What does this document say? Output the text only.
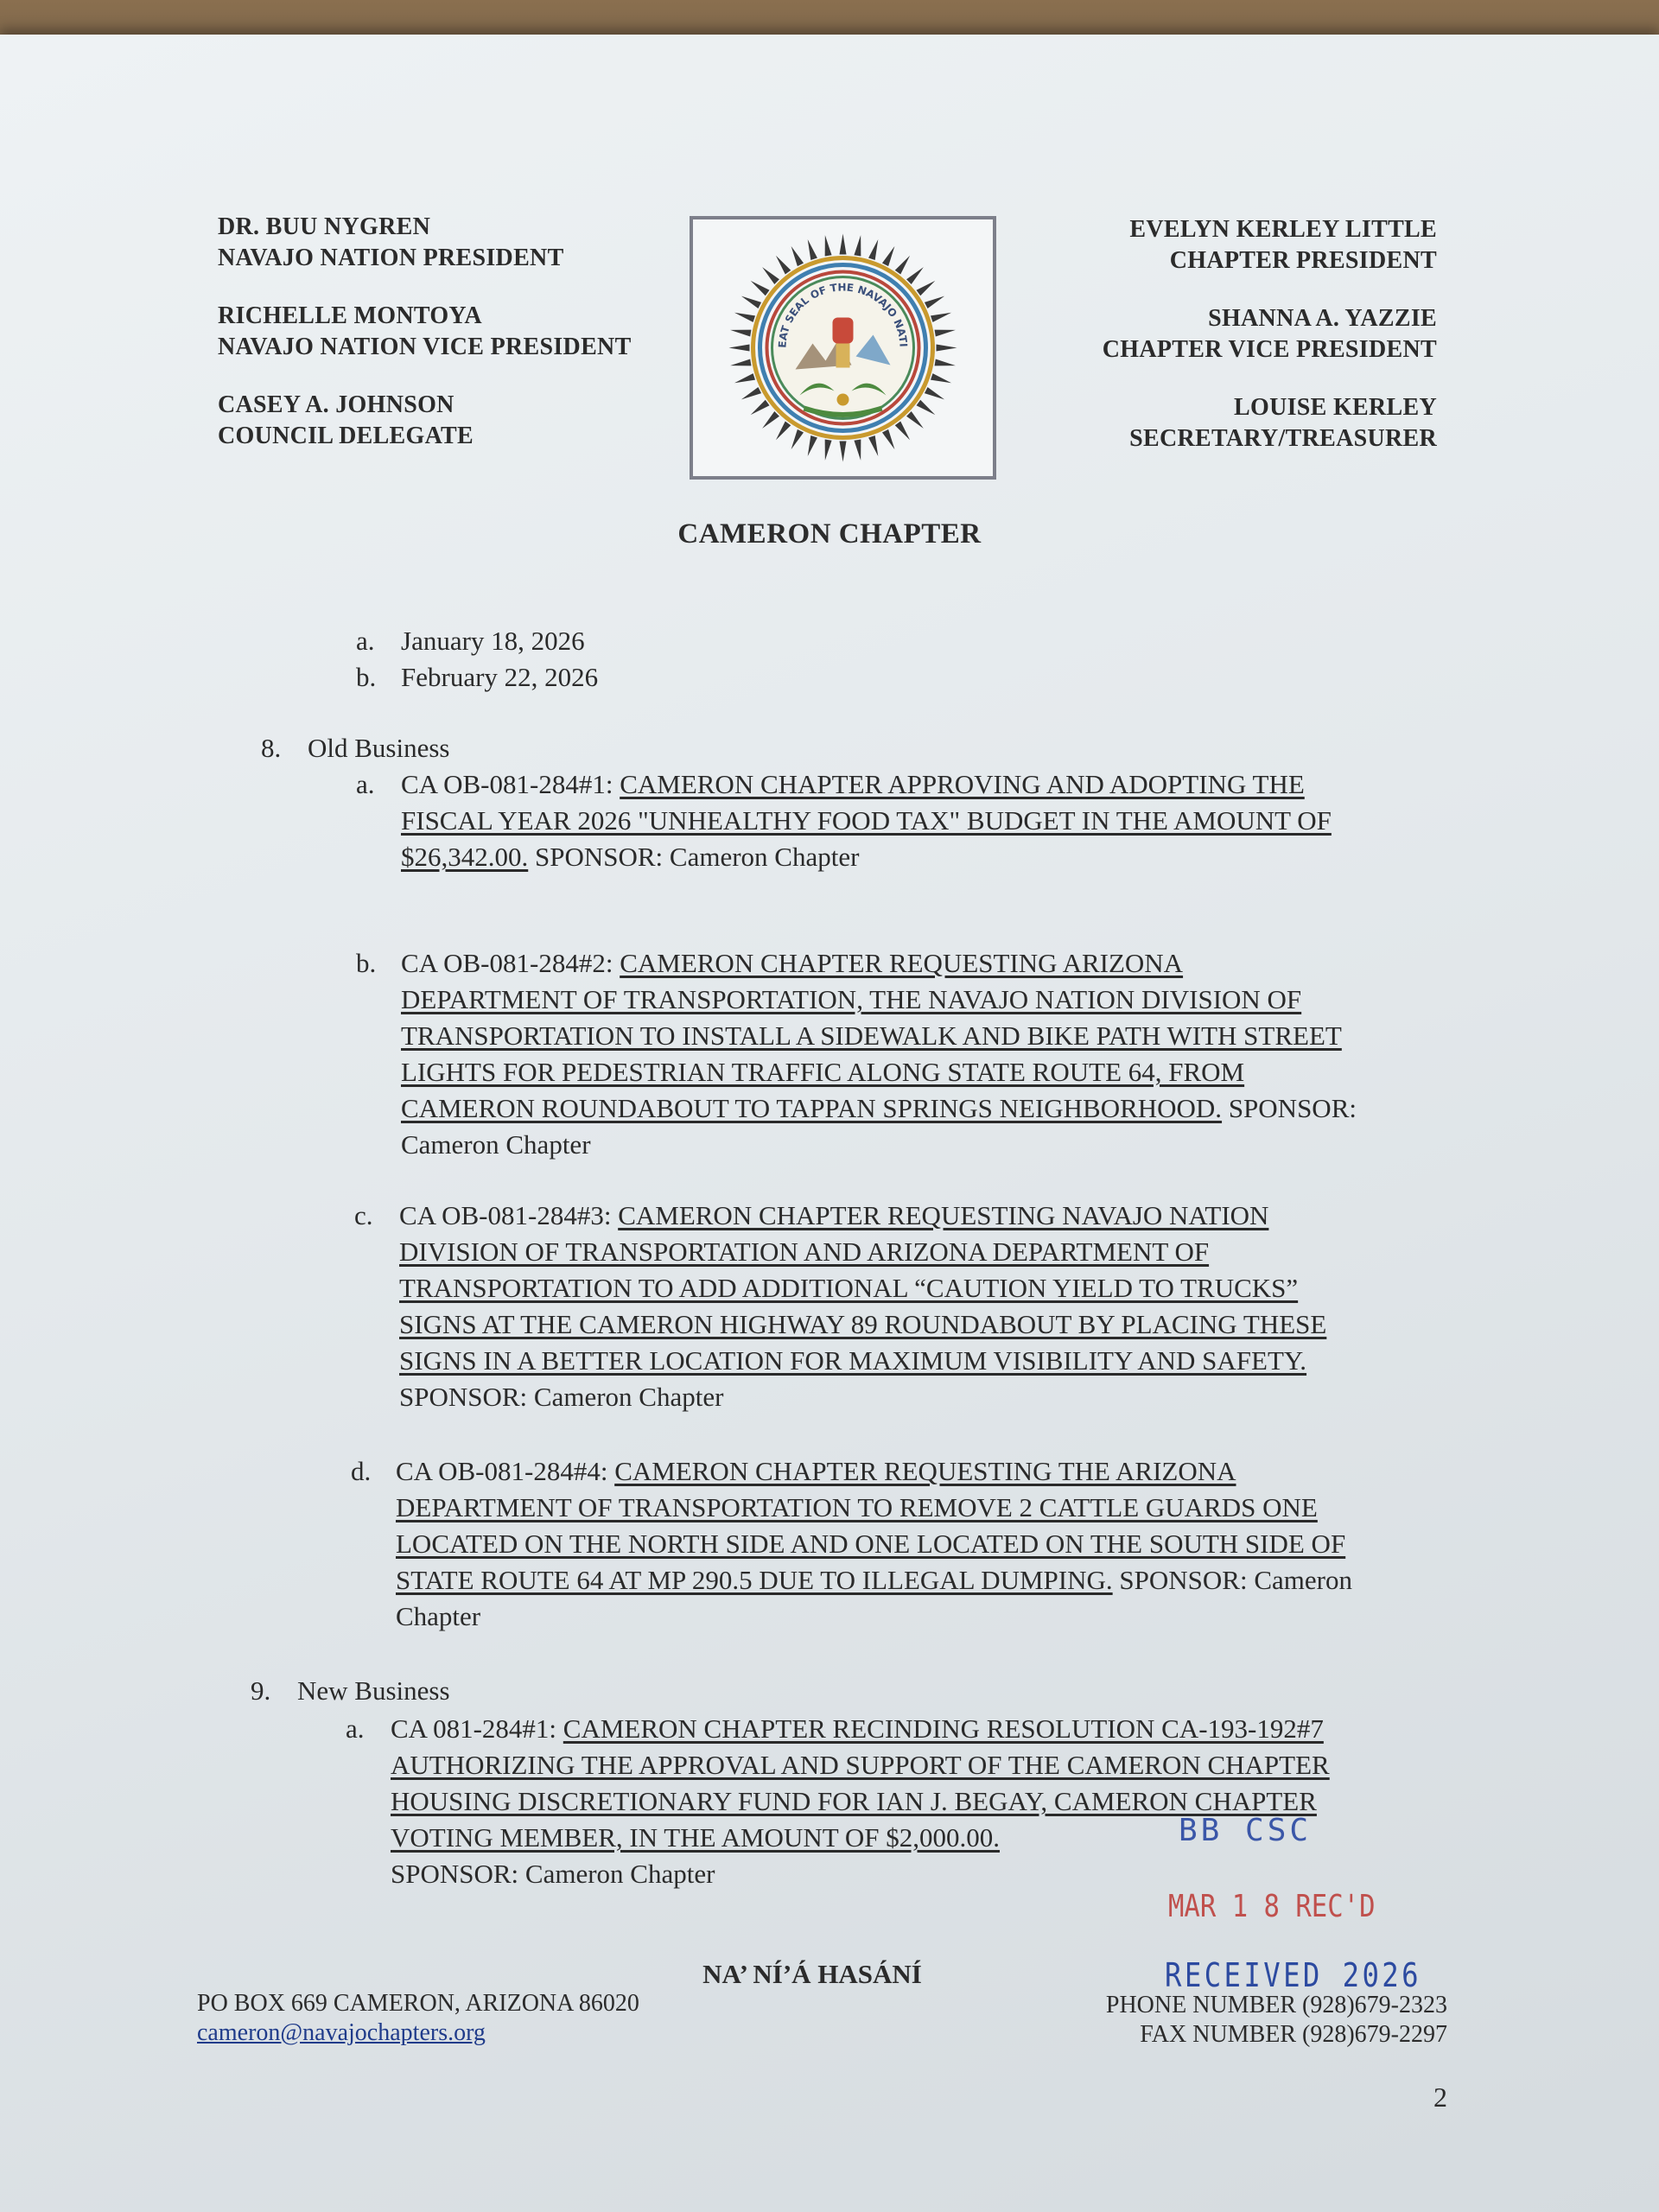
DR. BUU NYGREN
NAVAJO NATION PRESIDENT
RICHELLE MONTOYA
NAVAJO NATION VICE PRESIDENT
CASEY A. JOHNSON
COUNCIL DELEGATE
EAT SEAL OF THE NAVAJO NATI
EVELYN KERLEY LITTLE
CHAPTER PRESIDENT
SHANNA A. YAZZIE
CHAPTER VICE PRESIDENT
LOUISE KERLEY
SECRETARY/TREASURER
CAMERON CHAPTER
a. January 18, 2026
b. February 22, 2026
8. Old Business
a. CA OB-081-284#1: CAMERON CHAPTER APPROVING AND ADOPTING THE
FISCAL YEAR 2026 "UNHEALTHY FOOD TAX" BUDGET IN THE AMOUNT OF
$26,342.00. SPONSOR: Cameron Chapter
b. CA OB-081-284#2: CAMERON CHAPTER REQUESTING ARIZONA
DEPARTMENT OF TRANSPORTATION, THE NAVAJO NATION DIVISION OF
TRANSPORTATION TO INSTALL A SIDEWALK AND BIKE PATH WITH STREET
LIGHTS FOR PEDESTRIAN TRAFFIC ALONG STATE ROUTE 64, FROM
CAMERON ROUNDABOUT TO TAPPAN SPRINGS NEIGHBORHOOD. SPONSOR:
Cameron Chapter
c. CA OB-081-284#3: CAMERON CHAPTER REQUESTING NAVAJO NATION
DIVISION OF TRANSPORTATION AND ARIZONA DEPARTMENT OF
TRANSPORTATION TO ADD ADDITIONAL “CAUTION YIELD TO TRUCKS”
SIGNS AT THE CAMERON HIGHWAY 89 ROUNDABOUT BY PLACING THESE
SIGNS IN A BETTER LOCATION FOR MAXIMUM VISIBILITY AND SAFETY.
SPONSOR: Cameron Chapter
d. CA OB-081-284#4: CAMERON CHAPTER REQUESTING THE ARIZONA
DEPARTMENT OF TRANSPORTATION TO REMOVE 2 CATTLE GUARDS ONE
LOCATED ON THE NORTH SIDE AND ONE LOCATED ON THE SOUTH SIDE OF
STATE ROUTE 64 AT MP 290.5 DUE TO ILLEGAL DUMPING. SPONSOR: Cameron
Chapter
9. New Business
a. CA 081-284#1: CAMERON CHAPTER RECINDING RESOLUTION CA-193-192#7
AUTHORIZING THE APPROVAL AND SUPPORT OF THE CAMERON CHAPTER
HOUSING DISCRETIONARY FUND FOR IAN J. BEGAY, CAMERON CHAPTER
VOTING MEMBER, IN THE AMOUNT OF $2,000.00.
SPONSOR: Cameron Chapter
BB CSC
MAR 1 8 REC'D
RECEIVED 2026
NA’ NÍ’Á HASÁNÍ
PO BOX 669 CAMERON, ARIZONA 86020
cameron@navajochapters.org
PHONE NUMBER (928)679-2323
FAX NUMBER (928)679-2297
2
